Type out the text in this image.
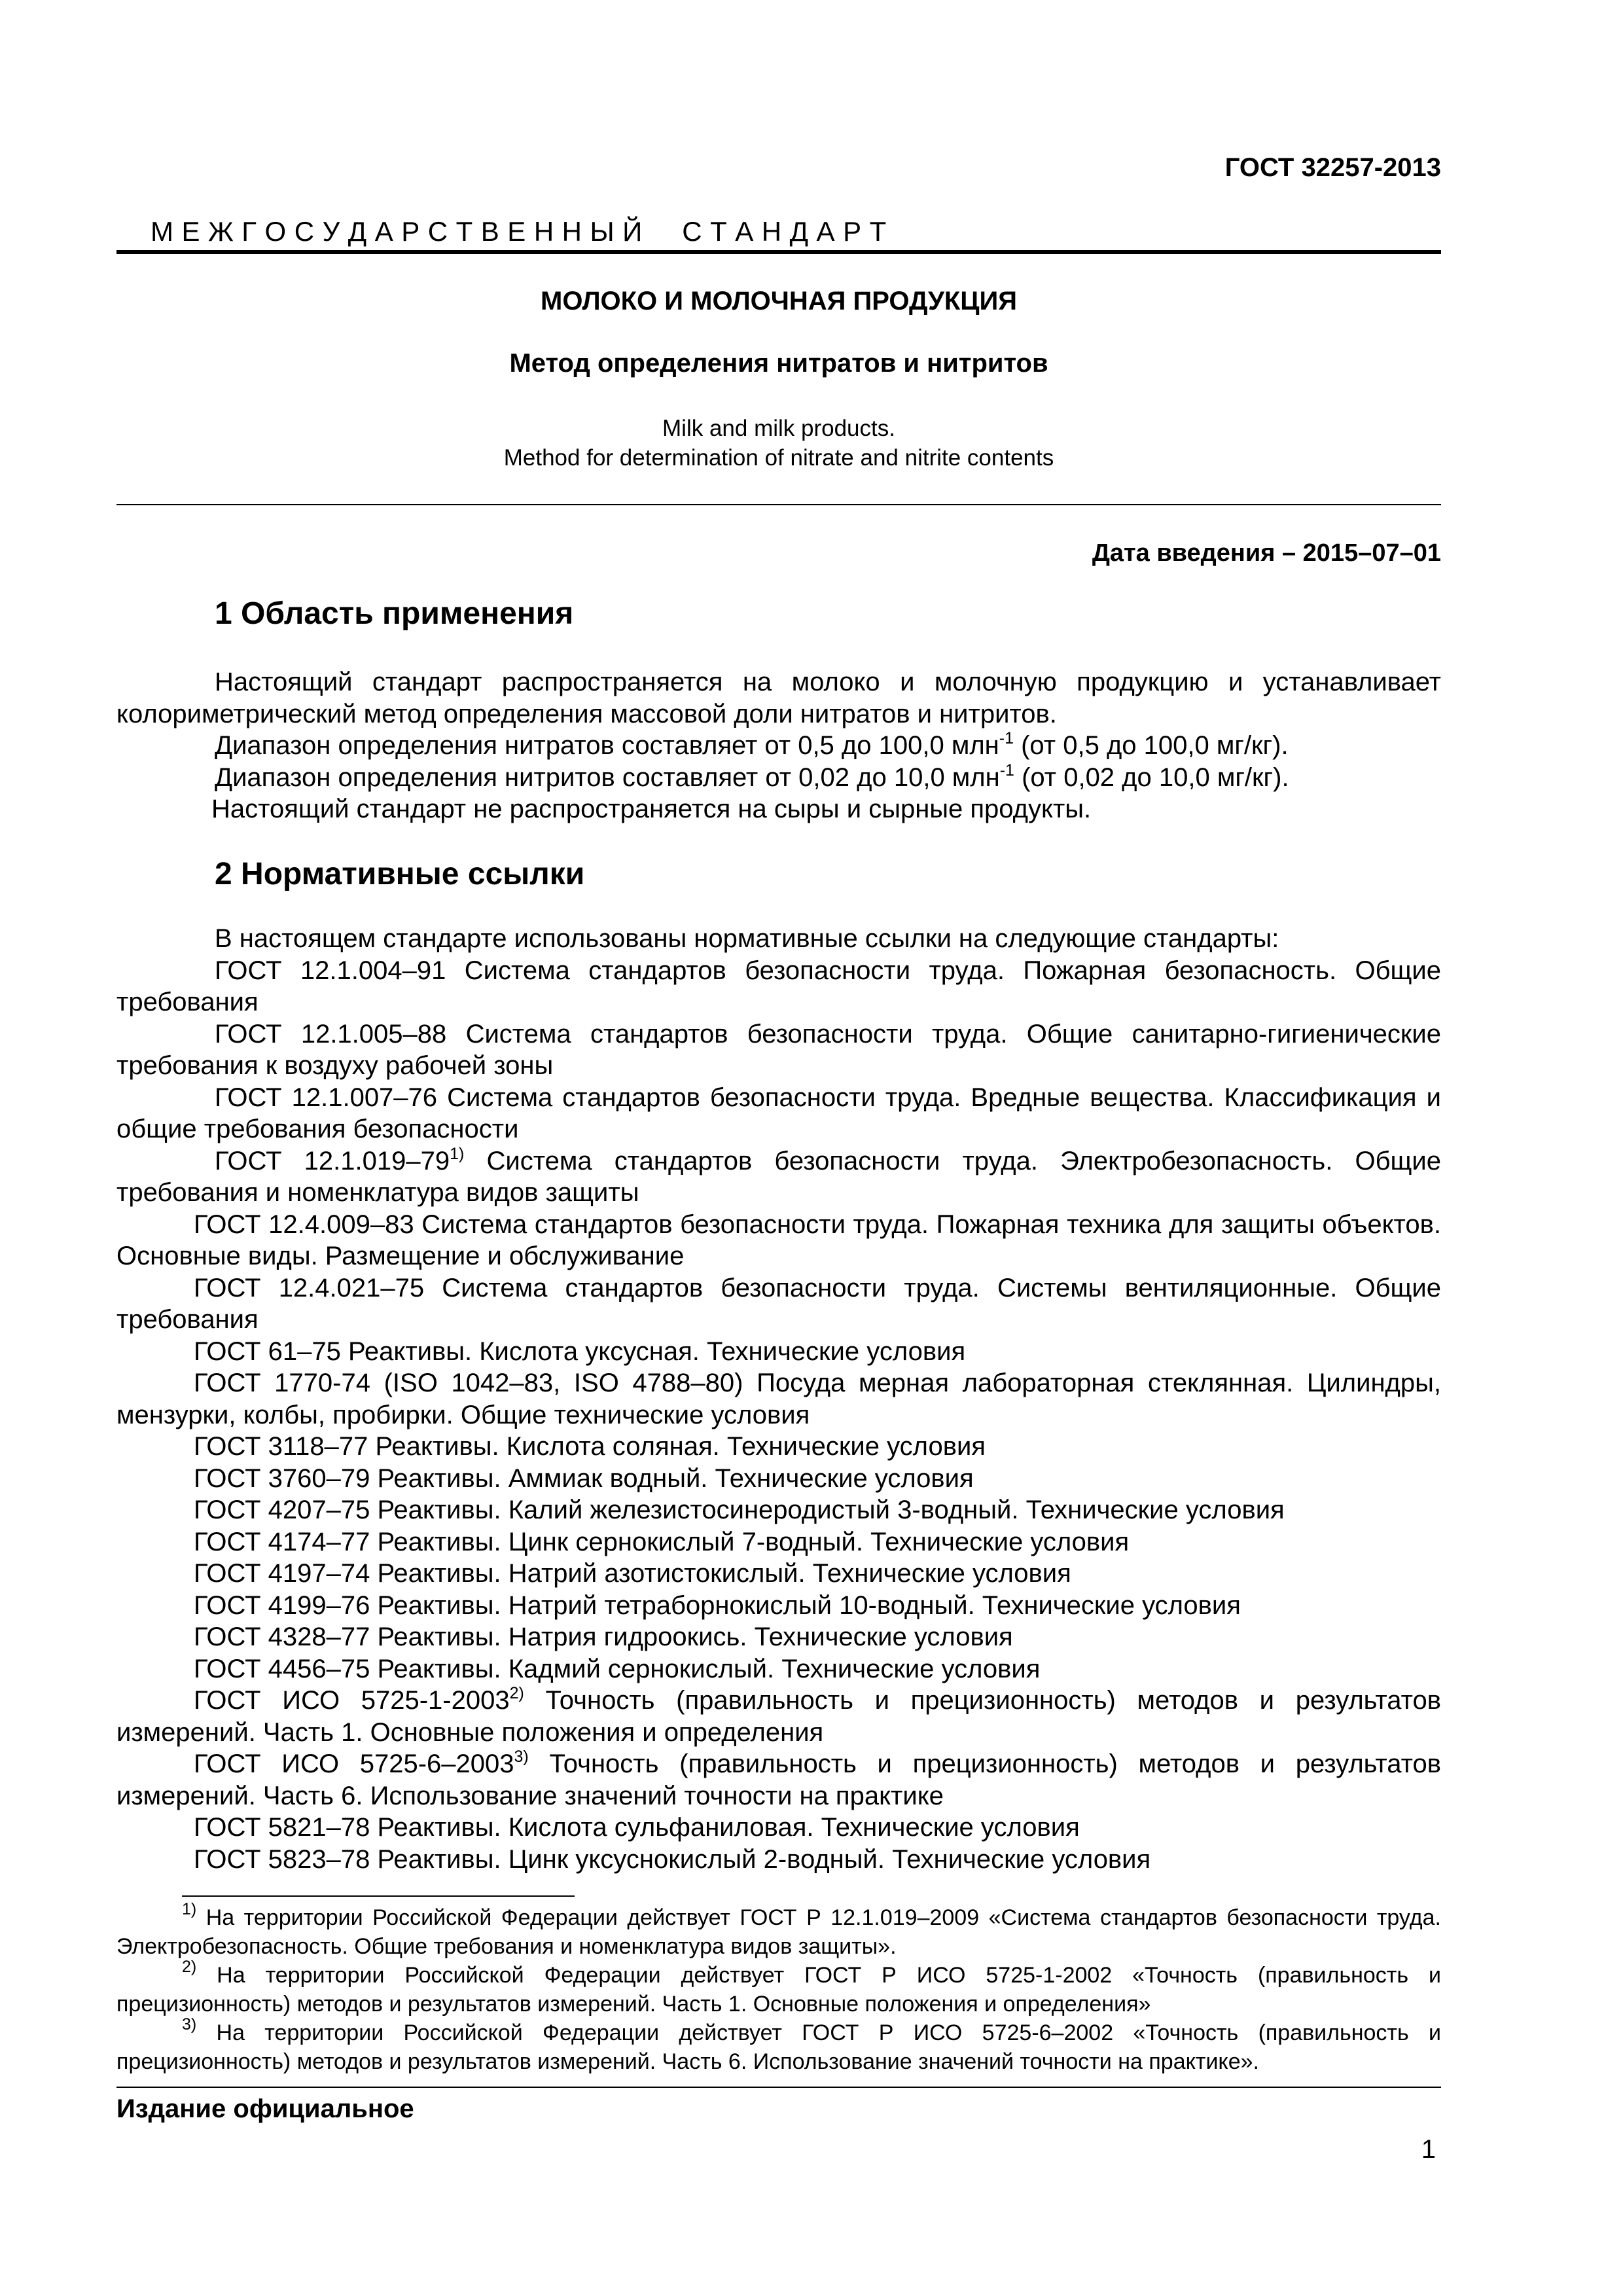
ГОСТ 32257-2013
М Е Ж Г О С У Д А Р С Т В Е Н Н Ы Й     С Т А Н Д А Р Т
МОЛОКО И МОЛОЧНАЯ ПРОДУКЦИЯ
Метод определения нитратов и нитритов
Milk and milk products.
Method for determination of nitrate and nitrite contents
Дата введения – 2015–07–01
1 Область применения

Настоящий стандарт распространяется на молоко и молочную продукцию и устанавливает колориметрический метод определения массовой доли нитратов и нитритов.

Диапазон определения нитратов составляет от 0,5 до 100,0 млн$^{-1}$ (от 0,5 до 100,0 мг/кг).

Диапазон определения нитритов составляет от 0,02 до 10,0 млн$^{-1}$ (от 0,02 до 10,0 мг/кг).

Настоящий стандарт не распространяется на сыры и сырные продукты.

2 Нормативные ссылки

В настоящем стандарте использованы нормативные ссылки на следующие стандарты:

ГОСТ 12.1.004–91 Система стандартов безопасности труда. Пожарная безопасность. Общие требования

ГОСТ 12.1.005–88 Система стандартов безопасности труда. Общие санитарно-гигиенические требования к воздуху рабочей зоны

ГОСТ 12.1.007–76 Система стандартов безопасности труда. Вредные вещества. Классификация и общие требования безопасности

ГОСТ 12.1.019–79$^{1)}$ Система стандартов безопасности труда. Электробезопасность. Общие требования и номенклатура видов защиты

ГОСТ 12.4.009–83 Система стандартов безопасности труда. Пожарная техника для защиты объектов. Основные виды. Размещение и обслуживание

ГОСТ 12.4.021–75 Система стандартов безопасности труда. Системы вентиляционные. Общие требования

ГОСТ 61–75 Реактивы. Кислота уксусная. Технические условия

ГОСТ 1770-74 (ISO 1042–83, ISO 4788–80) Посуда мерная лабораторная стеклянная. Цилиндры, мензурки, колбы, пробирки. Общие технические условия

ГОСТ 3118–77 Реактивы. Кислота соляная. Технические условия

ГОСТ 3760–79 Реактивы. Аммиак водный. Технические условия

ГОСТ 4207–75 Реактивы. Калий железистосинеродистый 3-водный. Технические условия

ГОСТ 4174–77 Реактивы. Цинк сернокислый 7-водный. Технические условия

ГОСТ 4197–74 Реактивы. Натрий азотистокислый. Технические условия

ГОСТ 4199–76 Реактивы. Натрий тетраборнокислый 10-водный. Технические условия

ГОСТ 4328–77 Реактивы. Натрия гидроокись. Технические условия

ГОСТ 4456–75 Реактивы. Кадмий сернокислый. Технические условия

ГОСТ ИСО 5725-1-2003$^{2)}$ Точность (правильность и прецизионность) методов и результатов измерений. Часть 1. Основные положения и определения

ГОСТ ИСО 5725-6–2003$^{3)}$ Точность (правильность и прецизионность) методов и результатов измерений. Часть 6. Использование значений точности на практике

ГОСТ 5821–78 Реактивы. Кислота сульфаниловая. Технические условия

ГОСТ 5823–78 Реактивы. Цинк уксуснокислый 2-водный. Технические условия

$^{1)}$ На территории Российской Федерации действует ГОСТ Р 12.1.019–2009 «Система стандартов безопасности труда. Электробезопасность. Общие требования и номенклатура видов защиты».

$^{2)}$ На территории Российской Федерации действует ГОСТ Р ИСО 5725-1-2002 «Точность (правильность и прецизионность) методов и результатов измерений. Часть 1. Основные положения и определения»

$^{3)}$ На территории Российской Федерации действует ГОСТ Р ИСО 5725-6–2002 «Точность (правильность и прецизионность) методов и результатов измерений. Часть 6. Использование значений точности на практике».

Издание официальное
1
